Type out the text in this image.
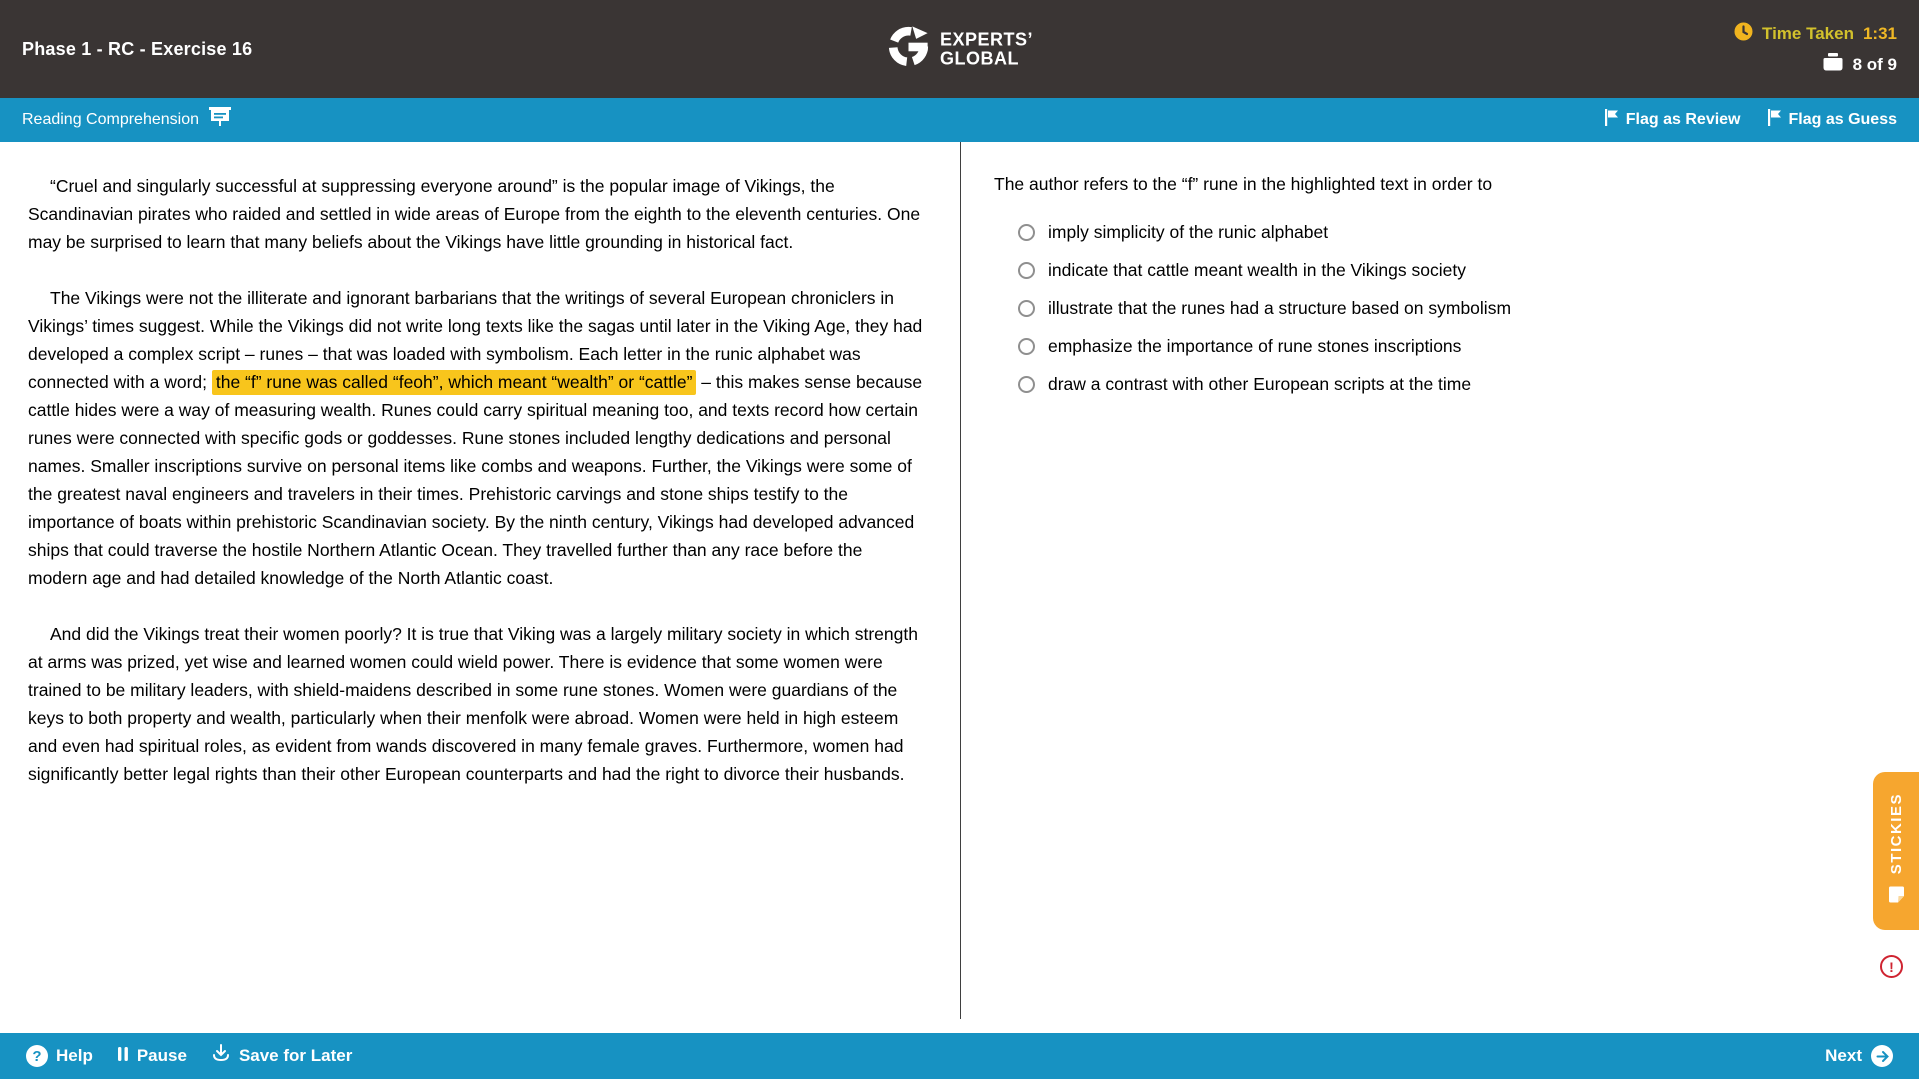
Phase 1 - RC - Exercise 16	EXPERTS’
GLOBAL
Time Taken 1:31
8 of 9
Reading Comprehension	Flag as Review	Flag as Guess

“Cruel and singularly successful at suppressing everyone around” is the popular image of Vikings, the Scandinavian pirates who raided and settled in wide areas of Europe from the eighth to the eleventh centuries. One may be surprised to learn that many beliefs about the Vikings have little grounding in historical fact.

The Vikings were not the illiterate and ignorant barbarians that the writings of several European chroniclers in Vikings’ times suggest. While the Vikings did not write long texts like the sagas until later in the Viking Age, they had developed a complex script – runes – that was loaded with symbolism. Each letter in the runic alphabet was connected with a word; the “f” rune was called “feoh”, which meant “wealth” or “cattle” – this makes sense because cattle hides were a way of measuring wealth. Runes could carry spiritual meaning too, and texts record how certain runes were connected with specific gods or goddesses. Rune stones included lengthy dedications and personal names. Smaller inscriptions survive on personal items like combs and weapons. Further, the Vikings were some of the greatest naval engineers and travelers in their times. Prehistoric carvings and stone ships testify to the importance of boats within prehistoric Scandinavian society. By the ninth century, Vikings had developed advanced ships that could traverse the hostile Northern Atlantic Ocean. They travelled further than any race before the modern age and had detailed knowledge of the North Atlantic coast.

And did the Vikings treat their women poorly? It is true that Viking was a largely military society in which strength at arms was prized, yet wise and learned women could wield power. There is evidence that some women were trained to be military leaders, with shield-maidens described in some rune stones. Women were guardians of the keys to both property and wealth, particularly when their menfolk were abroad. Women were held in high esteem and even had spiritual roles, as evident from wands discovered in many female graves. Furthermore, women had significantly better legal rights than their other European counterparts and had the right to divorce their husbands.

The author refers to the “f” rune in the highlighted text in order to
imply simplicity of the runic alphabet
indicate that cattle meant wealth in the Vikings society
illustrate that the runes had a structure based on symbolism
emphasize the importance of rune stones inscriptions
draw a contrast with other European scripts at the time
? Help	Pause	Save for Later	Next
STICKIES
!
